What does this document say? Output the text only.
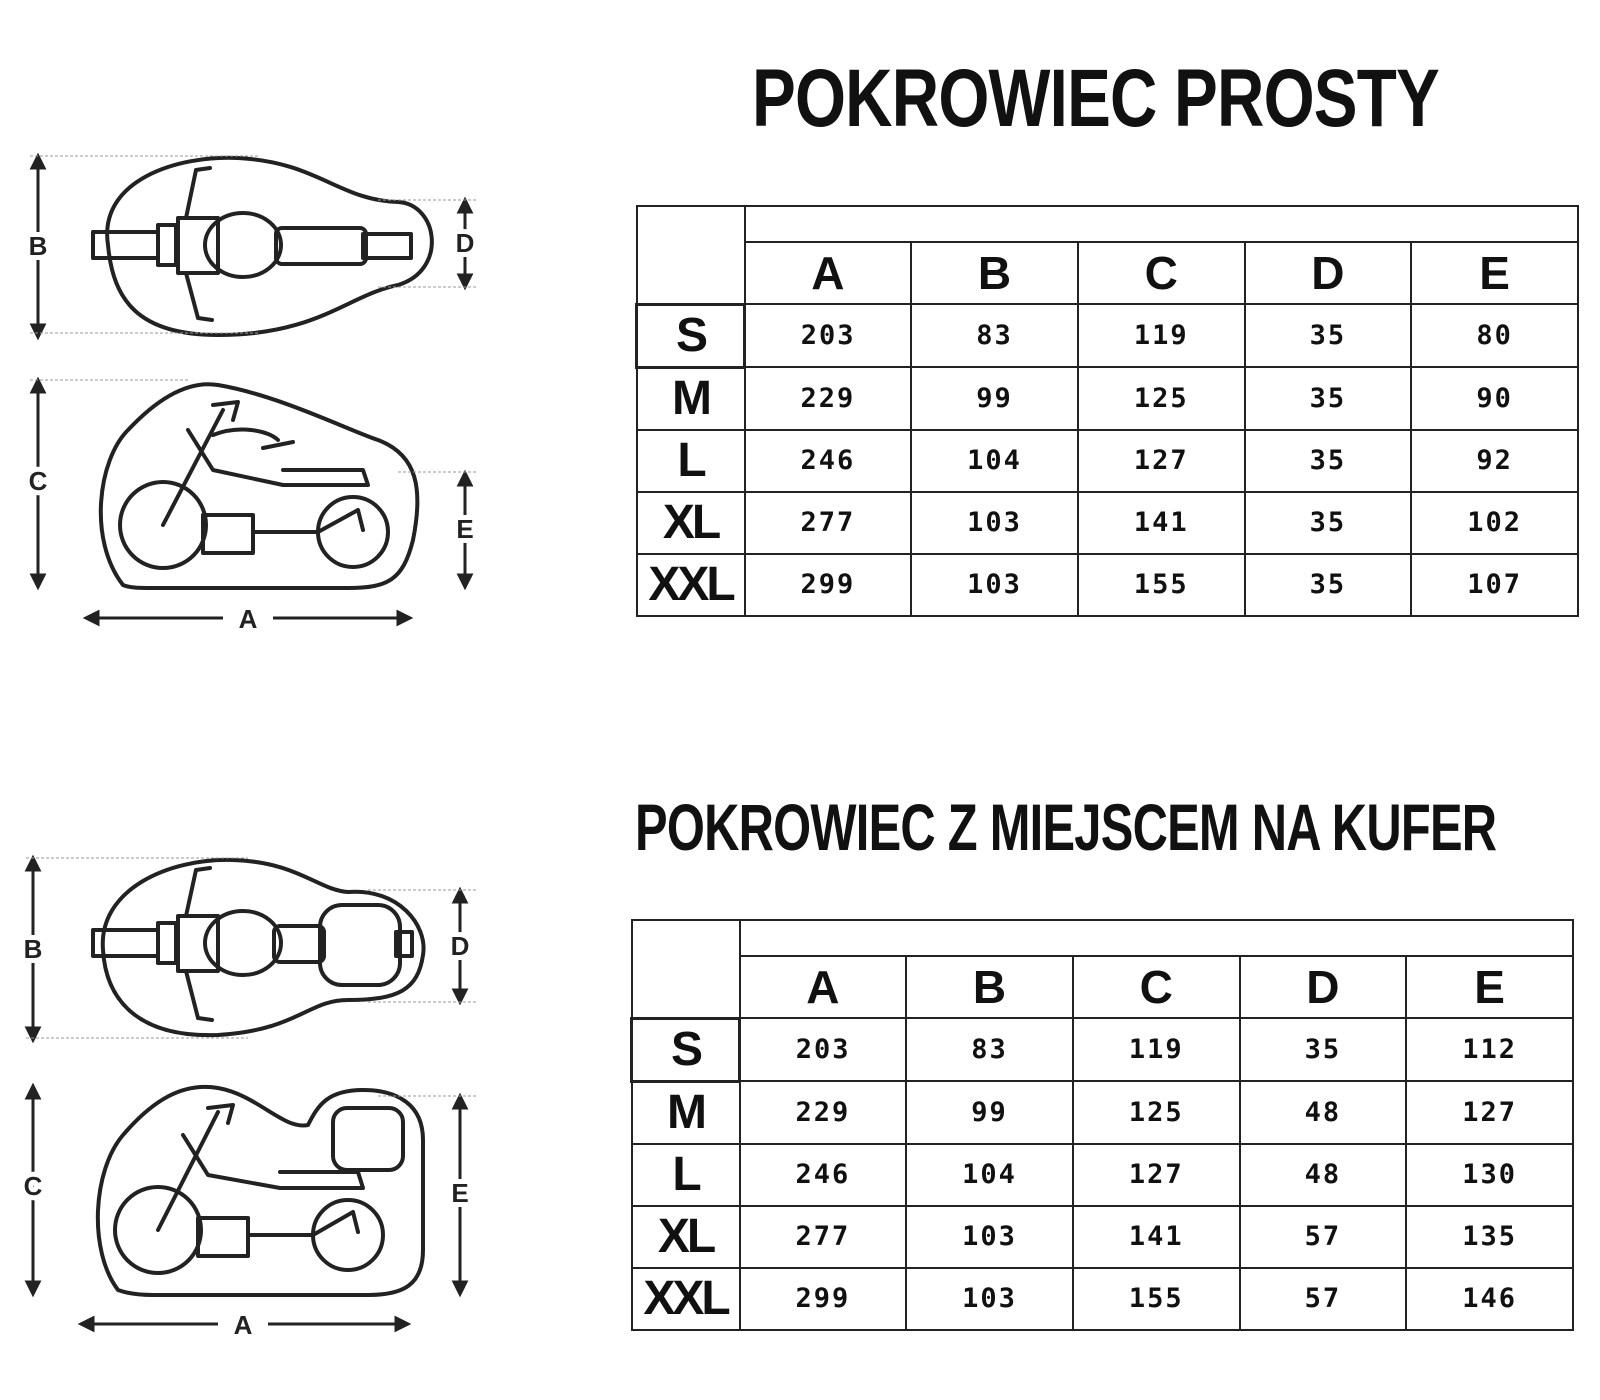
POKROWIEC PROSTY
B
C
D
E
A

	A	B	C	D	E
S	203	83	119	35	80
M	229	99	125	35	90
L	246	104	127	35	92
XL	277	103	141	35	102
XXL	299	103	155	35	107
POKROWIEC Z MIEJSCEM NA KUFER
B
C
D
E
A

	A	B	C	D	E
S	203	83	119	35	112
M	229	99	125	48	127
L	246	104	127	48	130
XL	277	103	141	57	135
XXL	299	103	155	57	146
